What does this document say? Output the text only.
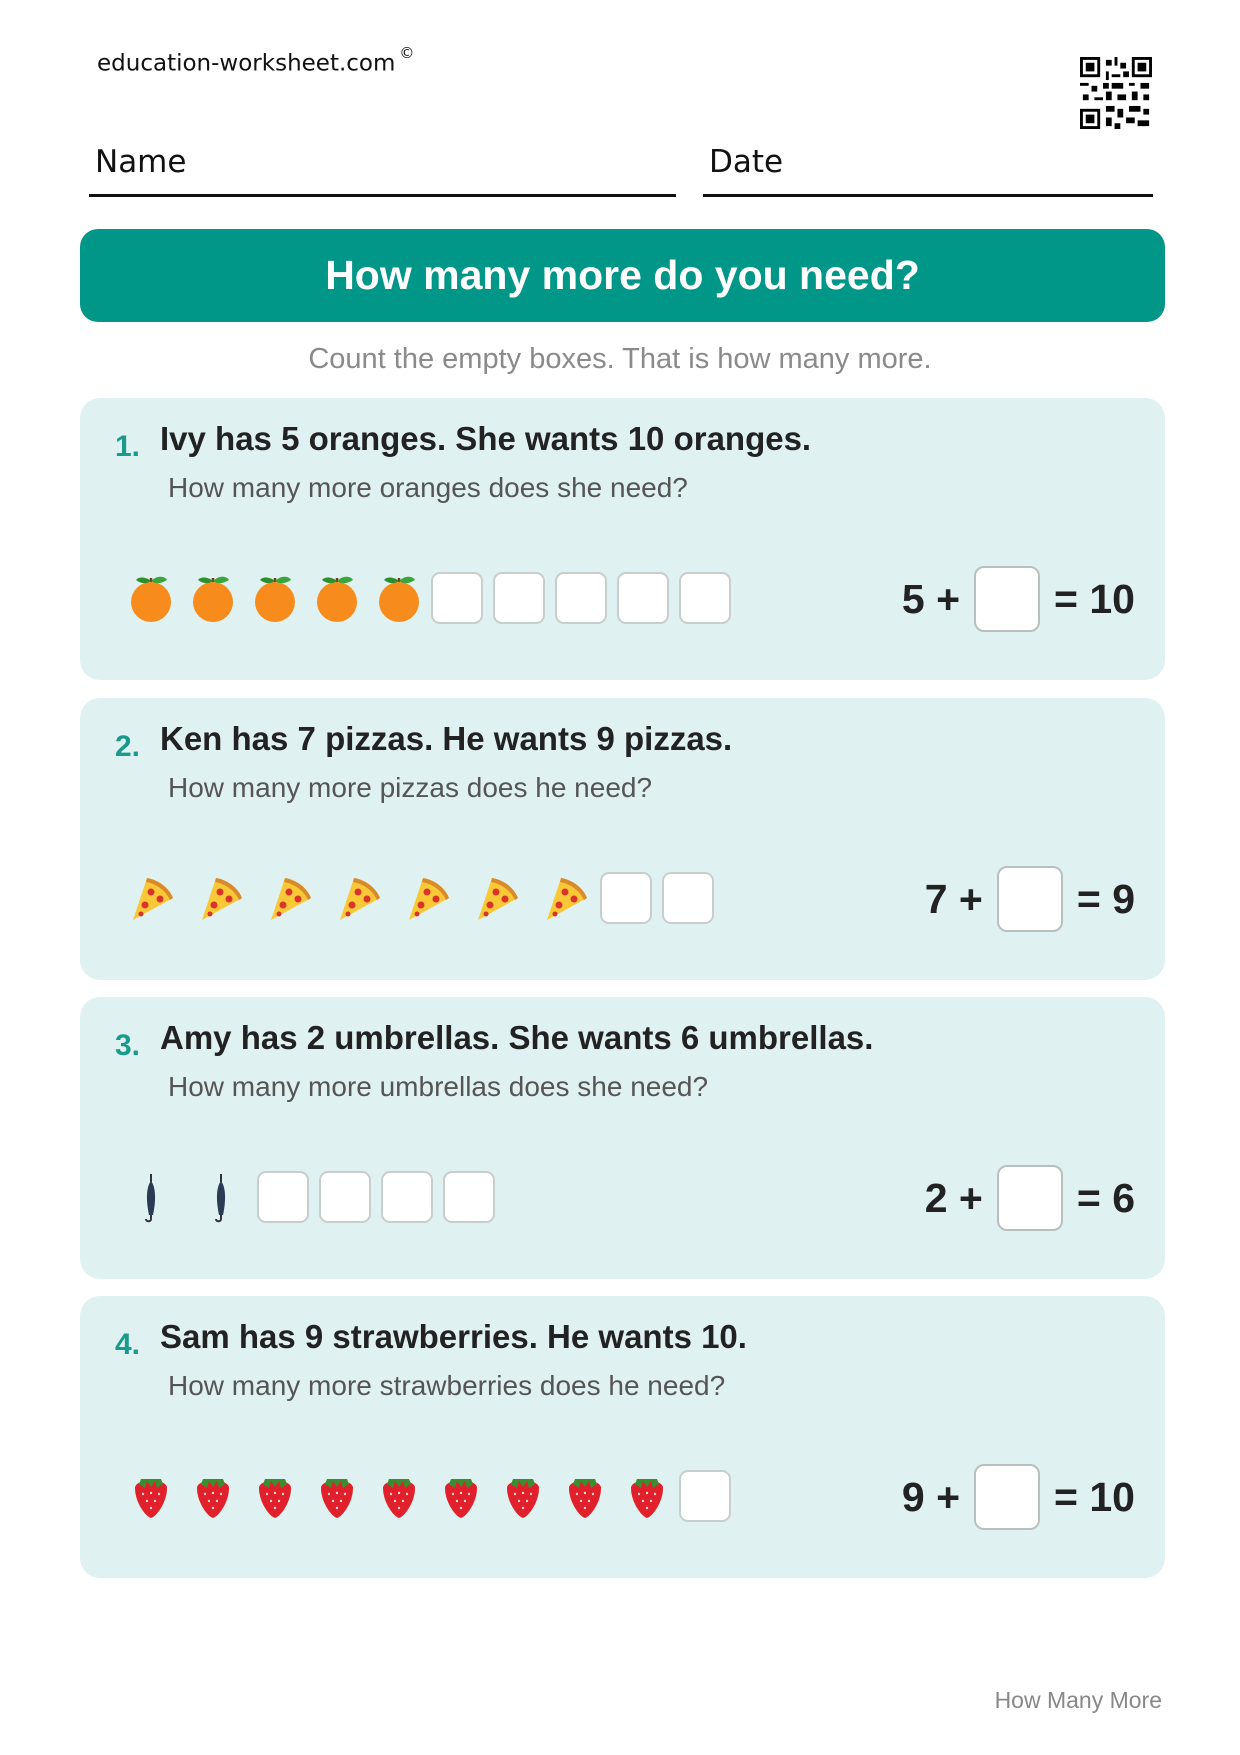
education-worksheet.com ©
Name	Date
How many more do you need?
Count the empty boxes. That is how many more.
1. Ivy has 5 oranges. She wants 10 oranges.
How many more oranges does she need?
5 + = 10
2. Ken has 7 pizzas. He wants 9 pizzas.
How many more pizzas does he need?
7 + = 9
3. Amy has 2 umbrellas. She wants 6 umbrellas.
How many more umbrellas does she need?
2 + = 6
4. Sam has 9 strawberries. He wants 10.
How many more strawberries does he need?
9 + = 10
How Many More
